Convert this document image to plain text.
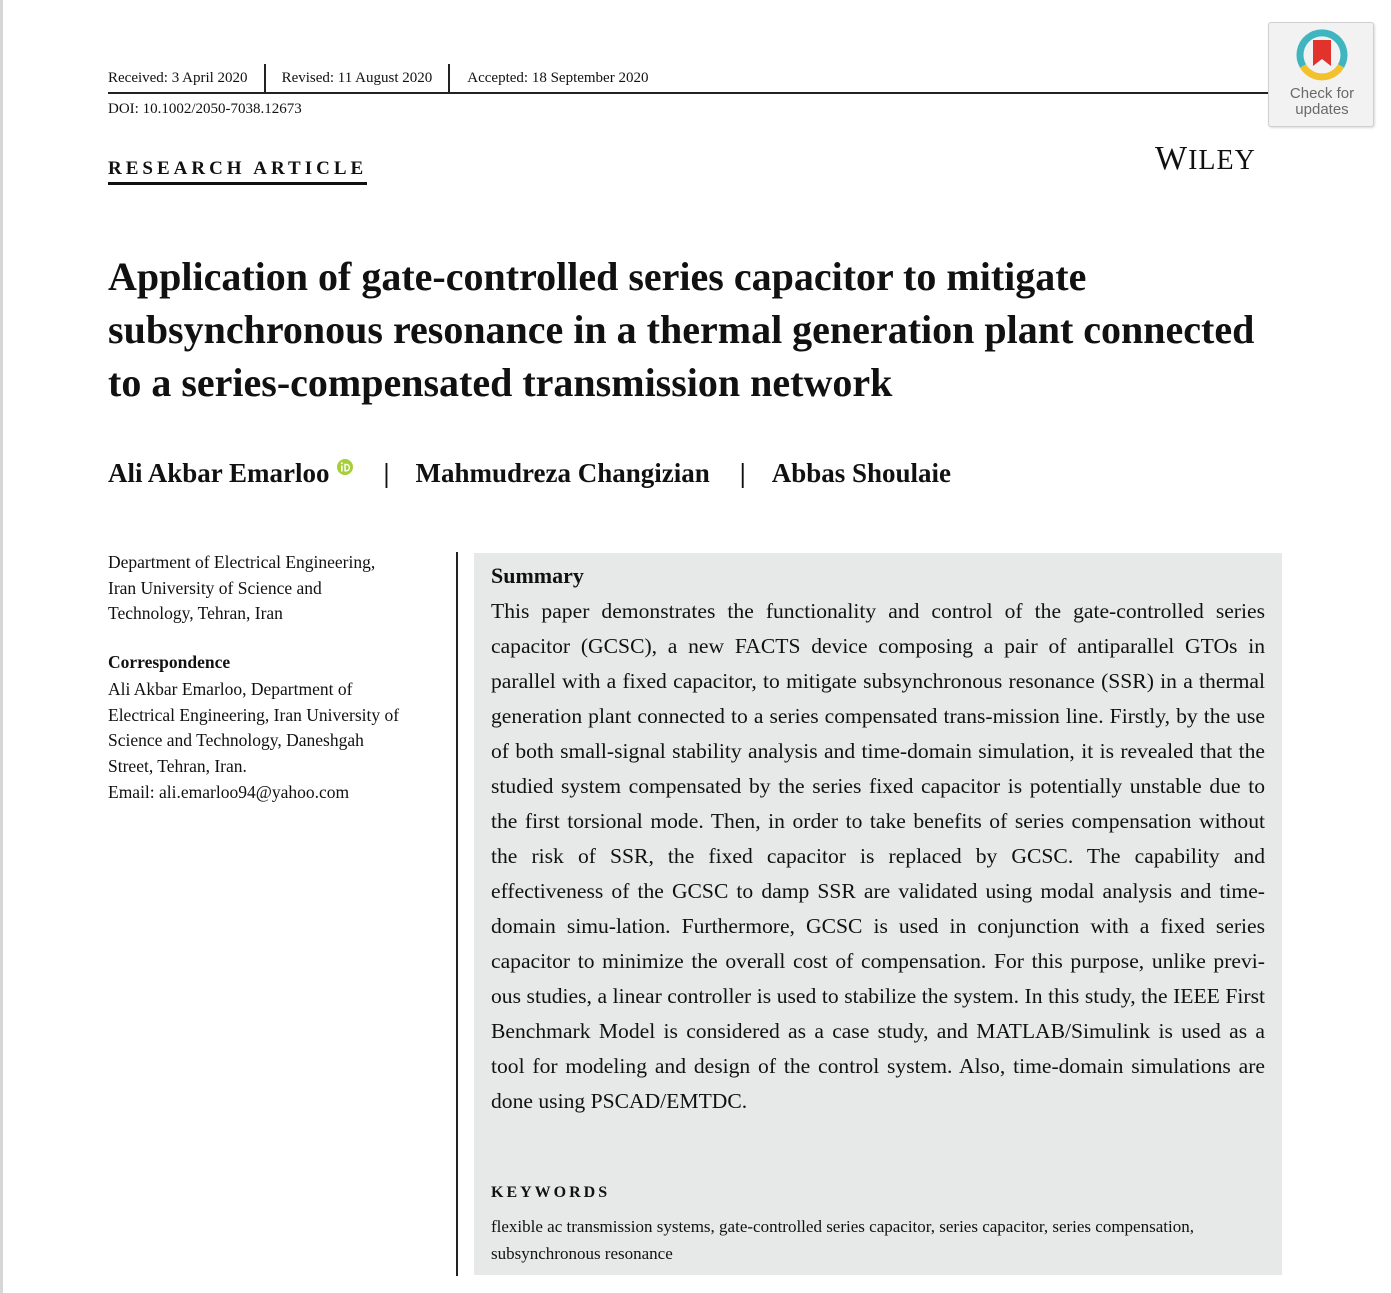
Received: 3 April 2020	Revised: 11 August 2020	Accepted: 18 September 2020
DOI: 10.1002/2050-7038.12673
Check for
updates
RESEARCH ARTICLE	WILEY
Application of gate-controlled series capacitor to mitigate subsynchronous resonance in a thermal generation plant connected to a series-compensated transmission network
Ali Akbar Emarloo | Mahmudreza Changizian | Abbas Shoulaie
Department of Electrical Engineering,
Iran University of Science and
Technology, Tehran, Iran
Correspondence
Ali Akbar Emarloo, Department of
Electrical Engineering, Iran University of
Science and Technology, Daneshgah
Street, Tehran, Iran.
Email: ali.emarloo94@yahoo.com
Summary

This paper demonstrates the functionality and control of the gate-controlled series capacitor (GCSC), a new FACTS device composing a pair of antiparallel GTOs in parallel with a fixed capacitor, to mitigate subsynchronous resonance (SSR) in a thermal generation plant connected to a series compensated trans-mission line. Firstly, by the use of both small-signal stability analysis and time-domain simulation, it is revealed that the studied system compensated by the series fixed capacitor is potentially unstable due to the first torsional mode. Then, in order to take benefits of series compensation without the risk of SSR, the fixed capacitor is replaced by GCSC. The capability and effectiveness of the GCSC to damp SSR are validated using modal analysis and time-domain simu-lation. Furthermore, GCSC is used in conjunction with a fixed series capacitor to minimize the overall cost of compensation. For this purpose, unlike previ-ous studies, a linear controller is used to stabilize the system. In this study, the IEEE First Benchmark Model is considered as a case study, and MATLAB/Simulink is used as a tool for modeling and design of the control system. Also, time-domain simulations are done using PSCAD/EMTDC.

KEYWORDS

flexible ac transmission systems, gate-controlled series capacitor, series capacitor, series compensation, subsynchronous resonance
